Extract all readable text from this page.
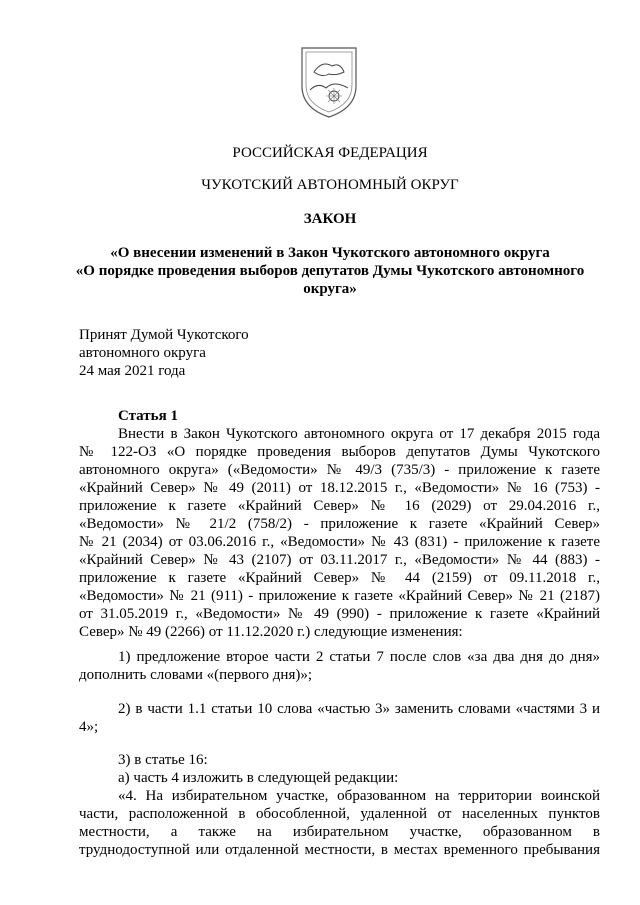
РОССИЙСКАЯ ФЕДЕРАЦИЯ
ЧУКОТСКИЙ АВТОНОМНЫЙ ОКРУГ
ЗАКОН
«О внесении изменений в Закон Чукотского автономного округа
«О порядке проведения выборов депутатов Думы Чукотского автономного
округа»
Принят Думой Чукотского
автономного округа
24 мая 2021 года
Статья 1
Внести в Закон Чукотского автономного округа от 17 декабря 2015 года
№ 122-ОЗ «О порядке проведения выборов депутатов Думы Чукотского
автономного округа» («Ведомости» № 49/3 (735/3) - приложение к газете
«Крайний Север» № 49 (2011) от 18.12.2015 г., «Ведомости» № 16 (753) -
приложение к газете «Крайний Север» № 16 (2029) от 29.04.2016 г.,
«Ведомости» № 21/2 (758/2) - приложение к газете «Крайний Север»
№ 21 (2034) от 03.06.2016 г., «Ведомости» № 43 (831) - приложение к газете
«Крайний Север» № 43 (2107) от 03.11.2017 г., «Ведомости» № 44 (883) -
приложение к газете «Крайний Север» № 44 (2159) от 09.11.2018 г.,
«Ведомости» № 21 (911) - приложение к газете «Крайний Север» № 21 (2187)
от 31.05.2019 г., «Ведомости» № 49 (990) - приложение к газете «Крайний
Север» № 49 (2266) от 11.12.2020 г.) следующие изменения:
1) предложение второе части 2 статьи 7 после слов «за два дня до дня»
дополнить словами «(первого дня)»;
2) в части 1.1 статьи 10 слова «частью 3» заменить словами «частями 3 и
4»;
3) в статье 16:
а) часть 4 изложить в следующей редакции:
«4. На избирательном участке, образованном на территории воинской
части, расположенной в обособленной, удаленной от населенных пунктов
местности, а также на избирательном участке, образованном в
труднодоступной или отдаленной местности, в местах временного пребывания
